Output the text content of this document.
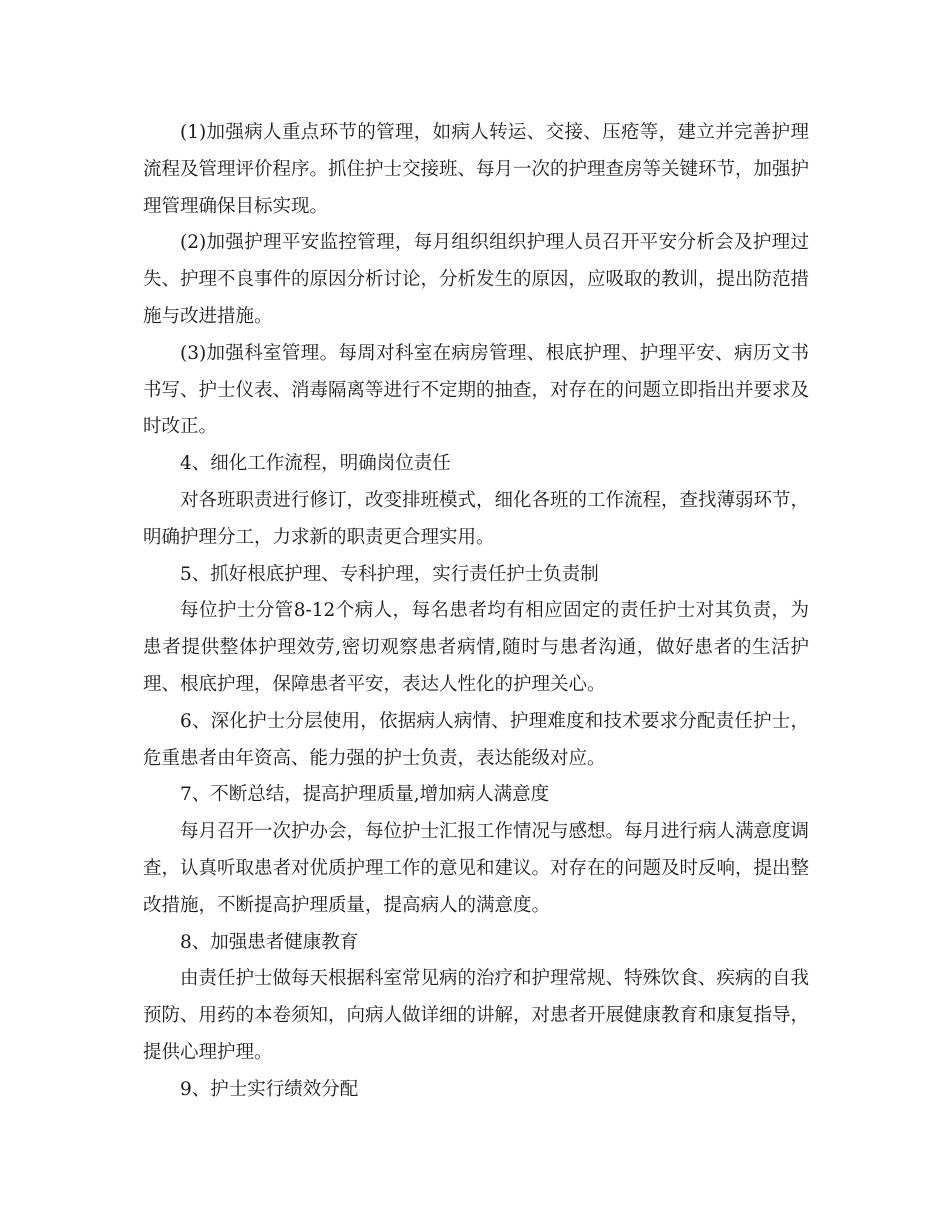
(1)加强病人重点环节的管理，如病人转运、交接、压疮等，建立并完善护理流程及管理评价程序。抓住护士交接班、每月一次的护理查房等关键环节，加强护理管理确保目标实现。

(2)加强护理平安监控管理，每月组织组织护理人员召开平安分析会及护理过失、护理不良事件的原因分析讨论，分析发生的原因，应吸取的教训，提出防范措施与改进措施。

(3)加强科室管理。每周对科室在病房管理、根底护理、护理平安、病历文书书写、护士仪表、消毒隔离等进行不定期的抽查，对存在的问题立即指出并要求及时改正。

4、细化工作流程，明确岗位责任

对各班职责进行修订，改变排班模式，细化各班的工作流程，查找薄弱环节，明确护理分工，力求新的职责更合理实用。

5、抓好根底护理、专科护理，实行责任护士负责制

每位护士分管8-12个病人，每名患者均有相应固定的责任护士对其负责，为患者提供整体护理效劳,密切观察患者病情,随时与患者沟通，做好患者的生活护理、根底护理，保障患者平安，表达人性化的护理关心。

6、深化护士分层使用，依据病人病情、护理难度和技术要求分配责任护士，危重患者由年资高、能力强的护士负责，表达能级对应。

7、不断总结，提高护理质量,增加病人满意度

每月召开一次护办会，每位护士汇报工作情况与感想。每月进行病人满意度调查，认真听取患者对优质护理工作的意见和建议。对存在的问题及时反响，提出整改措施，不断提高护理质量，提高病人的满意度。

8、加强患者健康教育

由责任护士做每天根据科室常见病的治疗和护理常规、特殊饮食、疾病的自我预防、用药的本卷须知，向病人做详细的讲解，对患者开展健康教育和康复指导，提供心理护理。

9、护士实行绩效分配
